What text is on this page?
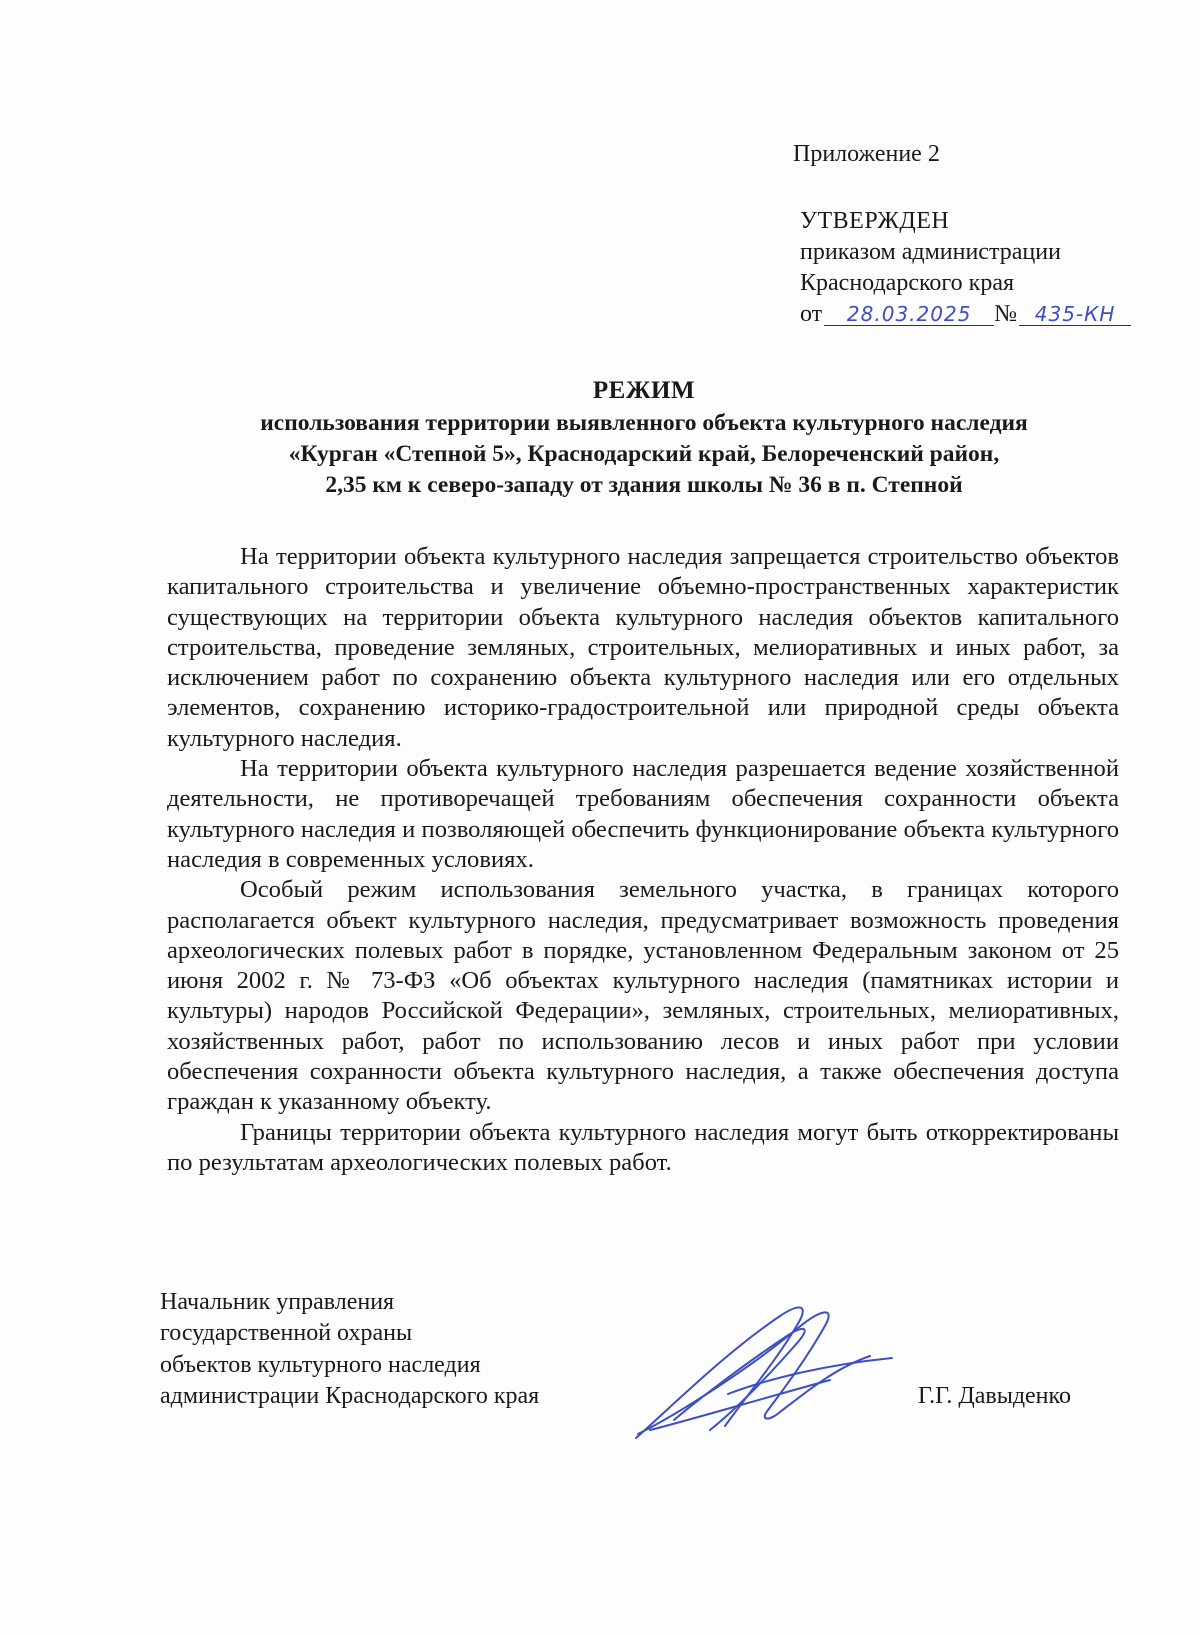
Приложение 2
УТВЕРЖДЕН
приказом администрации
Краснодарского края
от 28.03.2025 № 435-КН
РЕЖИМ
использования территории выявленного объекта культурного наследия
«Курган «Степной 5», Краснодарский край, Белореченский район,
2,35 км к северо-западу от здания школы № 36 в п. Степной

На территории объекта культурного наследия запрещается строительство объектов капитального строительства и увеличение объемно-пространственных характеристик существующих на территории объекта культурного наследия объектов капитального строительства, проведение земляных, строительных, мелиоративных и иных работ, за исключением работ по сохранению объекта культурного наследия или его отдельных элементов, сохранению историко-градостроительной или природной среды объекта культурного наследия.

На территории объекта культурного наследия разрешается ведение хозяйственной деятельности, не противоречащей требованиям обеспечения сохранности объекта культурного наследия и позволяющей обеспечить функционирование объекта культурного наследия в современных условиях.

Особый режим использования земельного участка, в границах которого располагается объект культурного наследия, предусматривает возможность проведения археологических полевых работ в порядке, установленном Федеральным законом от 25 июня 2002 г. № 73-ФЗ «Об объектах культурного наследия (памятниках истории и культуры) народов Российской Федерации», земляных, строительных, мелиоративных, хозяйственных работ, работ по использованию лесов и иных работ при условии обеспечения сохранности объекта культурного наследия, а также обеспечения доступа граждан к указанному объекту.

Границы территории объекта культурного наследия могут быть откорректированы по результатам археологических полевых работ.

Начальник управления
государственной охраны
объектов культурного наследия
администрации Краснодарского края	Г.Г. Давыденко
